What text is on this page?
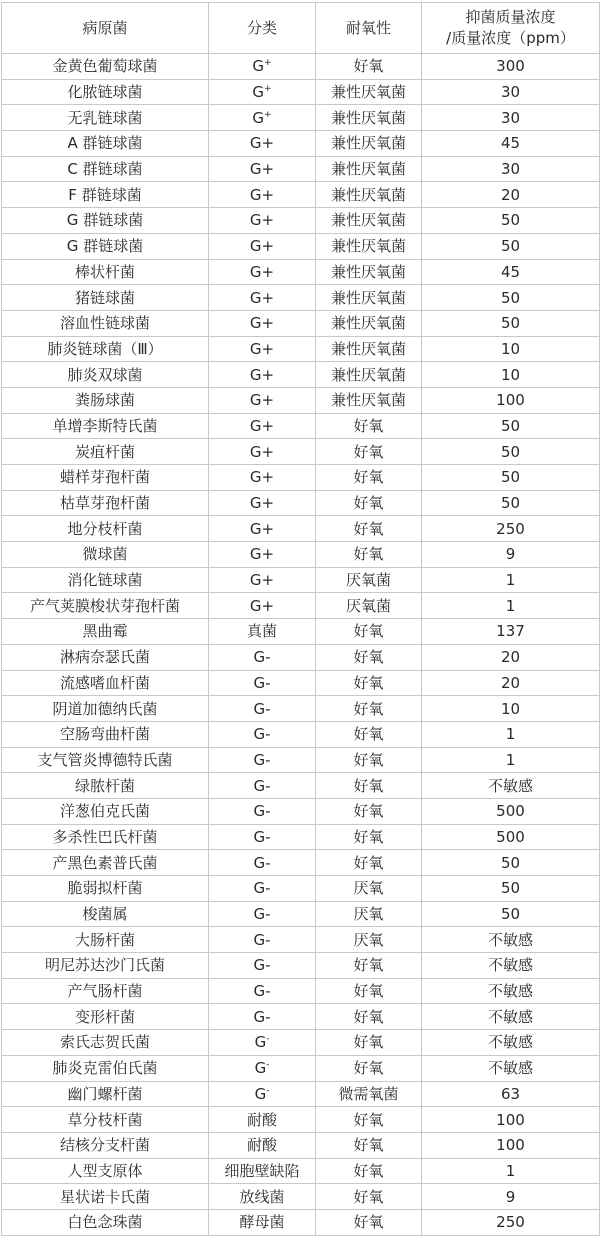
病原菌	分类	耐氧性	抑菌质量浓度
/质量浓度（ppm）

金黄色葡萄球菌	G+	好氧	300
化脓链球菌	G+	兼性厌氧菌	30
无乳链球菌	G+	兼性厌氧菌	30
A 群链球菌	G+	兼性厌氧菌	45
C 群链球菌	G+	兼性厌氧菌	30
F 群链球菌	G+	兼性厌氧菌	20
G 群链球菌	G+	兼性厌氧菌	50
G 群链球菌	G+	兼性厌氧菌	50
棒状杆菌	G+	兼性厌氧菌	45
猪链球菌	G+	兼性厌氧菌	50
溶血性链球菌	G+	兼性厌氧菌	50
肺炎链球菌（Ⅲ）	G+	兼性厌氧菌	10
肺炎双球菌	G+	兼性厌氧菌	10
粪肠球菌	G+	兼性厌氧菌	100
单增李斯特氏菌	G+	好氧	50
炭疽杆菌	G+	好氧	50
蜡样芽孢杆菌	G+	好氧	50
枯草芽孢杆菌	G+	好氧	50
地分枝杆菌	G+	好氧	250
微球菌	G+	好氧	9
消化链球菌	G+	厌氧菌	1
产气荚膜梭状芽孢杆菌	G+	厌氧菌	1
黑曲霉	真菌	好氧	137
淋病奈瑟氏菌	G-	好氧	20
流感嗜血杆菌	G-	好氧	20
阴道加德纳氏菌	G-	好氧	10
空肠弯曲杆菌	G-	好氧	1
支气管炎博德特氏菌	G-	好氧	1
绿脓杆菌	G-	好氧	不敏感
洋葱伯克氏菌	G-	好氧	500
多杀性巴氏杆菌	G-	好氧	500
产黑色素普氏菌	G-	好氧	50
脆弱拟杆菌	G-	厌氧	50
梭菌属	G-	厌氧	50
大肠杆菌	G-	厌氧	不敏感
明尼苏达沙门氏菌	G-	好氧	不敏感
产气肠杆菌	G-	好氧	不敏感
变形杆菌	G-	好氧	不敏感
索氏志贺氏菌	G-	好氧	不敏感
肺炎克雷伯氏菌	G-	好氧	不敏感
幽门螺杆菌	G-	微需氧菌	63
草分枝杆菌	耐酸	好氧	100
结核分支杆菌	耐酸	好氧	100
人型支原体	细胞壁缺陷	好氧	1
星状诺卡氏菌	放线菌	好氧	9
白色念珠菌	酵母菌	好氧	250
